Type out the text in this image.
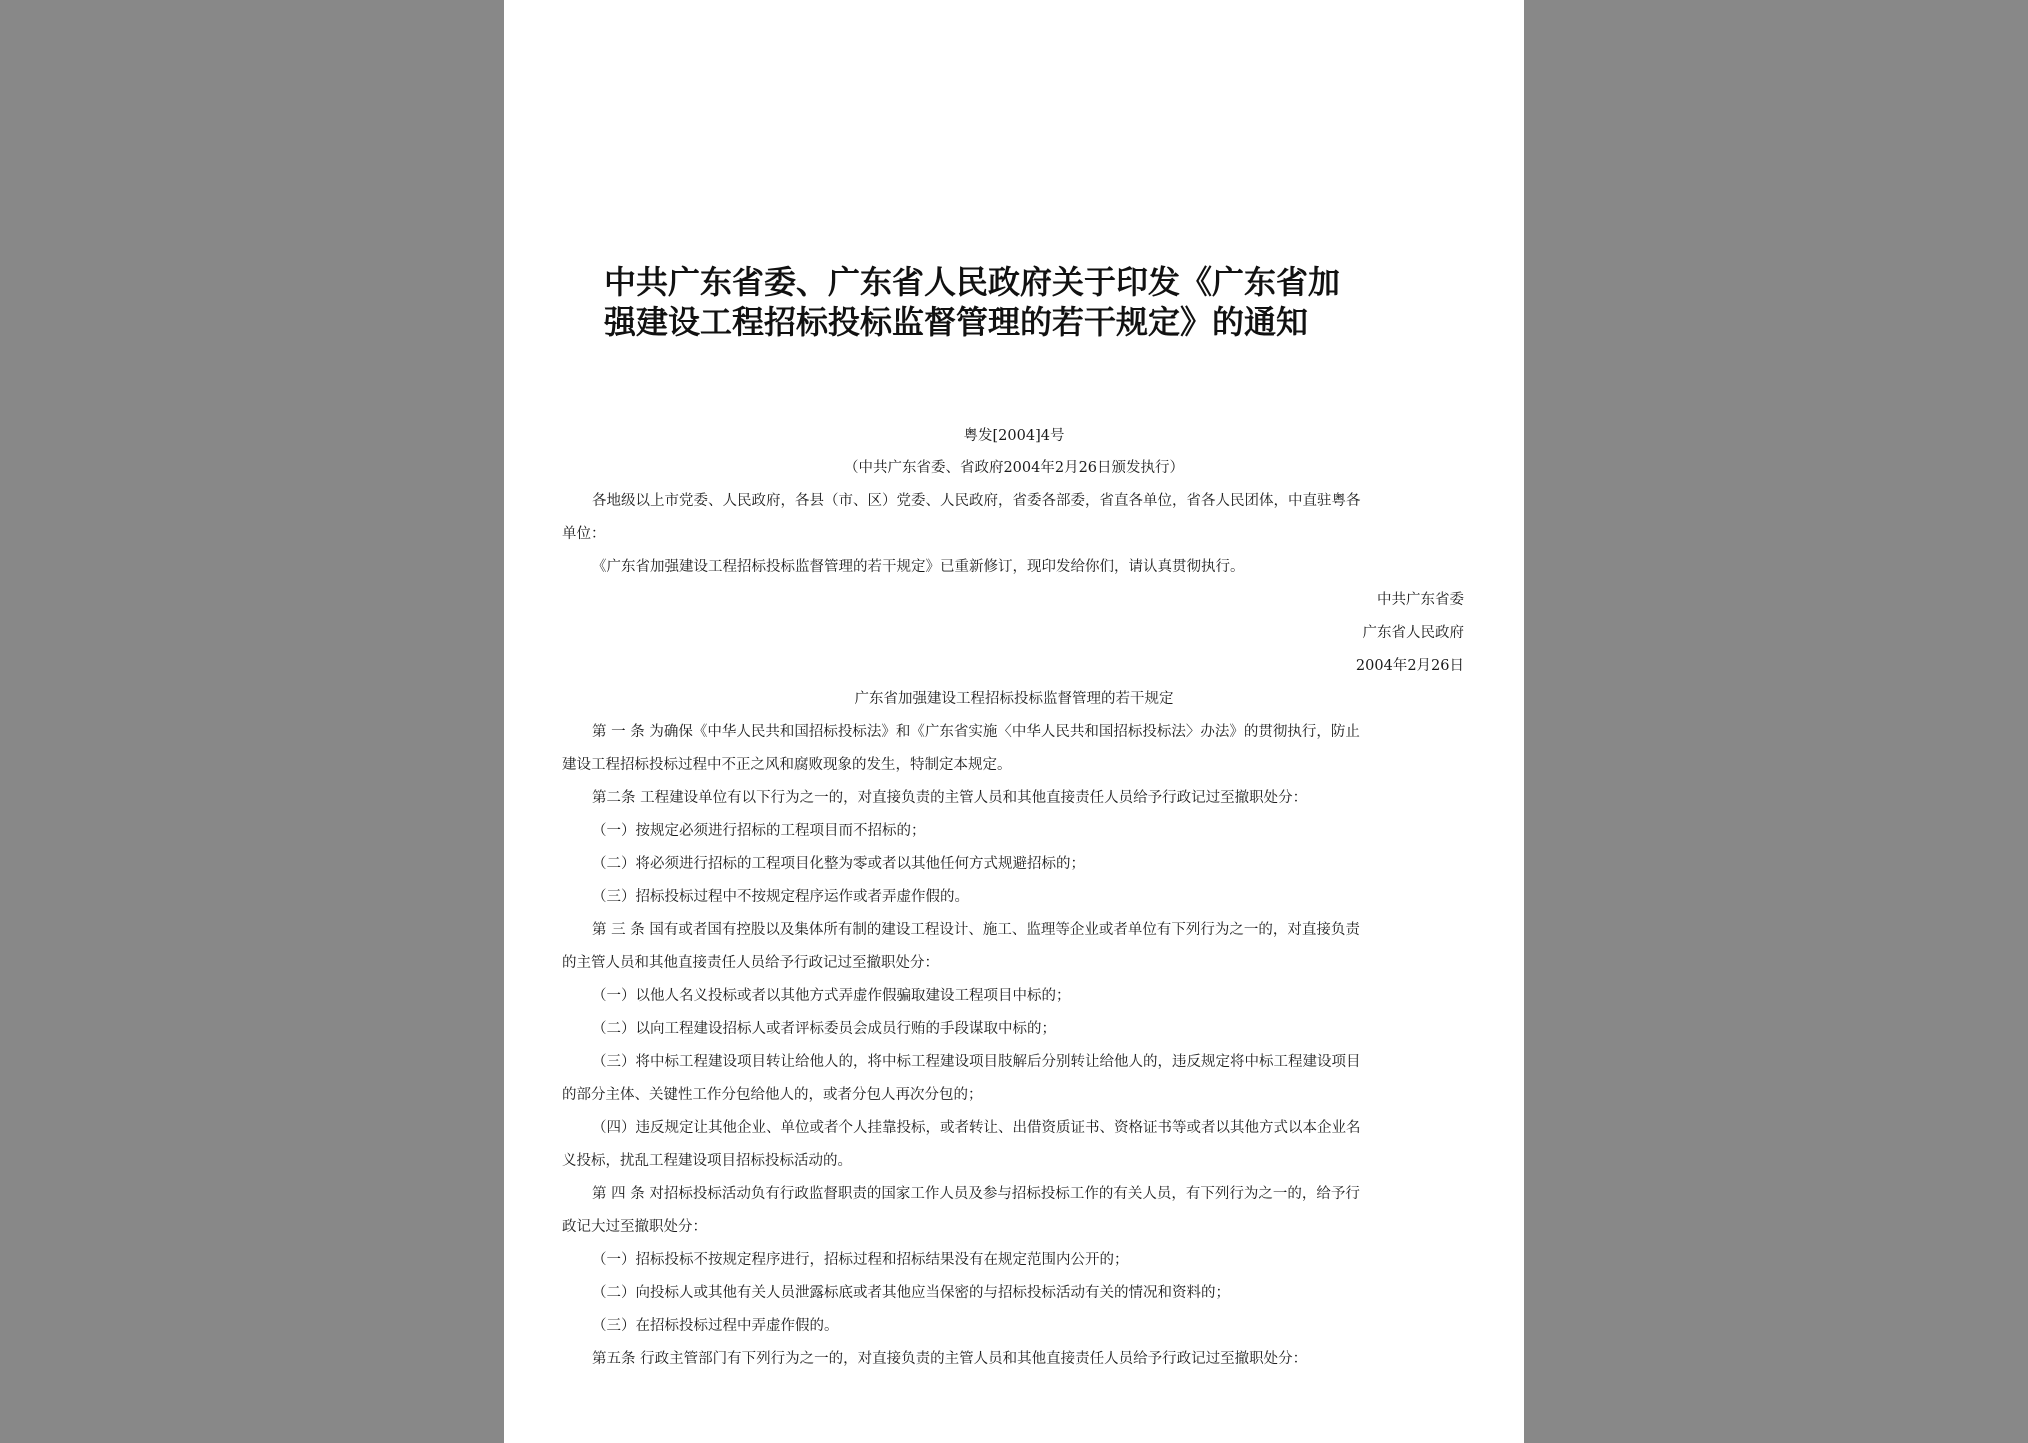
中共广东省委、广东省人民政府关于印发《广东省加
强建设工程招标投标监督管理的若干规定》的通知

粤发[2004]4号

（中共广东省委、省政府2004年2月26日颁发执行）

各地级以上市党委、人民政府，各县（市、区）党委、人民政府，省委各部委，省直各单位，省各人民团体，中直驻粤各

单位：

《广东省加强建设工程招标投标监督管理的若干规定》已重新修订，现印发给你们，请认真贯彻执行。

中共广东省委

广东省人民政府

2004年2月26日

广东省加强建设工程招标投标监督管理的若干规定

第 一 条 为确保《中华人民共和国招标投标法》和《广东省实施〈中华人民共和国招标投标法〉办法》的贯彻执行，防止

建设工程招标投标过程中不正之风和腐败现象的发生，特制定本规定。

第二条 工程建设单位有以下行为之一的，对直接负责的主管人员和其他直接责任人员给予行政记过至撤职处分：

（一）按规定必须进行招标的工程项目而不招标的；

（二）将必须进行招标的工程项目化整为零或者以其他任何方式规避招标的；

（三）招标投标过程中不按规定程序运作或者弄虚作假的。

第 三 条 国有或者国有控股以及集体所有制的建设工程设计、施工、监理等企业或者单位有下列行为之一的，对直接负责

的主管人员和其他直接责任人员给予行政记过至撤职处分：

（一）以他人名义投标或者以其他方式弄虚作假骗取建设工程项目中标的；

（二）以向工程建设招标人或者评标委员会成员行贿的手段谋取中标的；

（三）将中标工程建设项目转让给他人的，将中标工程建设项目肢解后分别转让给他人的，违反规定将中标工程建设项目

的部分主体、关键性工作分包给他人的，或者分包人再次分包的；

（四）违反规定让其他企业、单位或者个人挂靠投标，或者转让、出借资质证书、资格证书等或者以其他方式以本企业名

义投标，扰乱工程建设项目招标投标活动的。

第 四 条 对招标投标活动负有行政监督职责的国家工作人员及参与招标投标工作的有关人员，有下列行为之一的，给予行

政记大过至撤职处分：

（一）招标投标不按规定程序进行，招标过程和招标结果没有在规定范围内公开的；

（二）向投标人或其他有关人员泄露标底或者其他应当保密的与招标投标活动有关的情况和资料的；

（三）在招标投标过程中弄虚作假的。

第五条 行政主管部门有下列行为之一的，对直接负责的主管人员和其他直接责任人员给予行政记过至撤职处分：
